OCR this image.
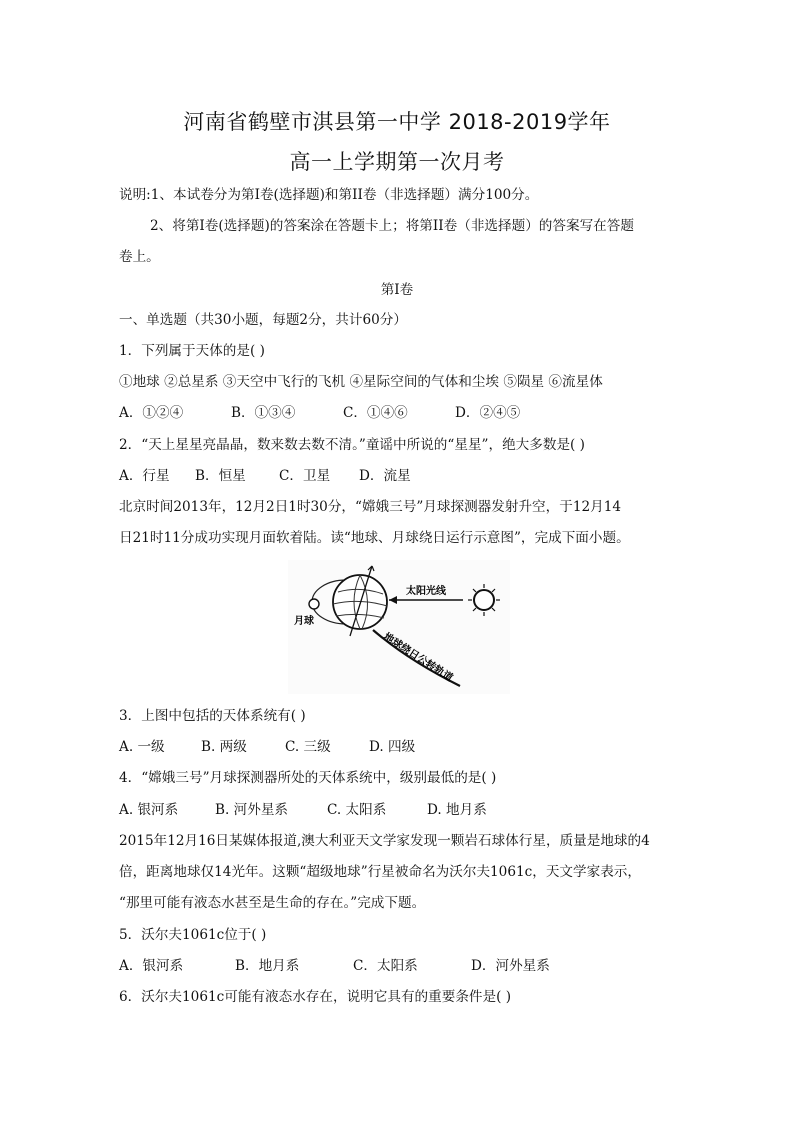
河南省鹤壁市淇县第一中学 2018-2019学年
高一上学期第一次月考
说明:1、本试卷分为第Ⅰ卷(选择题)和第II卷（非选择题）满分100分。
2、将第Ⅰ卷(选择题)的答案涂在答题卡上；将第II卷（非选择题）的答案写在答题
卷上。
第Ⅰ卷
一、单选题（共30小题，每题2分，共计60分）
1．下列属于天体的是( )
①地球 ②总星系 ③天空中飞行的飞机 ④星际空间的气体和尘埃 ⑤陨星 ⑥流星体
A．①②④	B．①③④	C．①④⑥	D．②④⑤
2．“天上星星亮晶晶，数来数去数不清。”童谣中所说的“星星”，绝大多数是( )
A．行星 B．恒星 C．卫星 D．流星
北京时间2013年，12月2日1时30分，“嫦娥三号”月球探测器发射升空，于12月14
日21时11分成功实现月面软着陆。读“地球、月球绕日运行示意图”，完成下面小题。
月球
太阳光线
地球绕日公转轨道
3．上图中包括的天体系统有( )
A. 一级	B. 两级	C. 三级	D. 四级
4．“嫦娥三号”月球探测器所处的天体系统中，级别最低的是( )
A. 银河系	B. 河外星系	C. 太阳系	D. 地月系
2015年12月16日某媒体报道,澳大利亚天文学家发现一颗岩石球体行星，质量是地球的4
倍，距离地球仅14光年。这颗“超级地球”行星被命名为沃尔夫1061c，天文学家表示，
“那里可能有液态水甚至是生命的存在。”完成下题。
5．沃尔夫1061c位于( )
A．银河系	B．地月系	C．太阳系	D．河外星系
6．沃尔夫1061c可能有液态水存在，说明它具有的重要条件是( )
